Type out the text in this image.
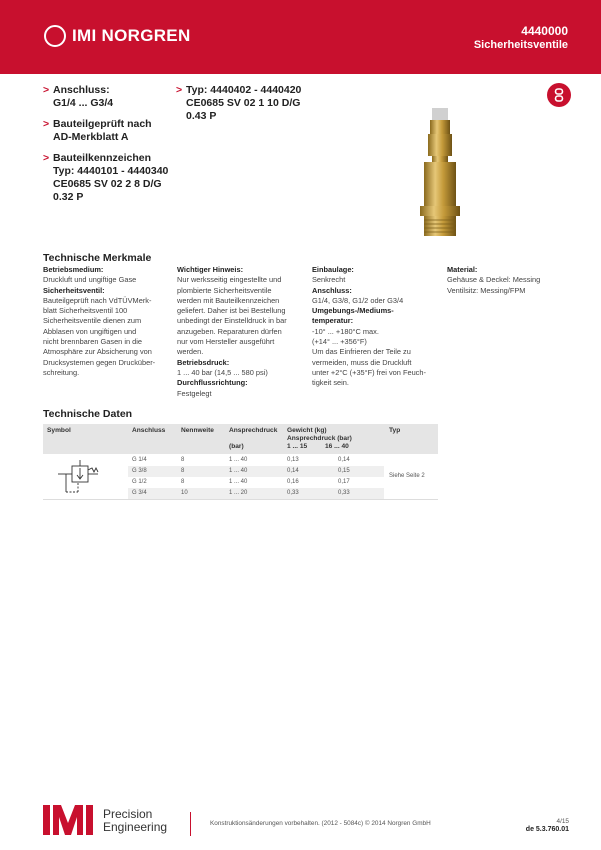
IMI NORGREN	4440000
Sicherheitsventile
> Anschluss:
G1/4 ... G3/4
> Bauteilgeprüft nach
AD-Merkblatt A
> Bauteilkennzeichen
Typ: 4440101 - 4440340
CE0685 SV 02 2 8 D/G
0.32 P
> Typ: 4440402 - 4440420
CE0685 SV 02 1 10 D/G
0.43 P
Technische Merkmale
Betriebsmedium:
Druckluft und ungiftige Gase
Sicherheitsventil:
Bauteilgeprüft nach VdTÜVMerk-
blatt Sicherheitsventil 100
Sicherheitsventile dienen zum
Abblasen von ungiftigen und
nicht brennbaren Gasen in die
Atmosphäre zur Absicherung von
Drucksystemen gegen Drucküber-
schreitung.
Wichtiger Hinweis:
Nur werksseitig eingestellte und
plombierte Sicherheitsventile
werden mit Bauteilkennzeichen
geliefert. Daher ist bei Bestellung
unbedingt der Einstelldruck in bar
anzugeben. Reparaturen dürfen
nur vom Hersteller ausgeführt
werden.
Betriebsdruck:
1 ... 40 bar (14,5 ... 580 psi)
Durchflussrichtung:
Festgelegt
Einbaulage:
Senkrecht
Anschluss:
G1/4, G3/8, G1/2 oder G3/4
Umgebungs-/Mediums-
temperatur:
-10° ... +180°C max.
(+14° ... +356°F)
Um das Einfrieren der Teile zu
vermeiden, muss die Druckluft
unter +2°C (+35°F) frei von Feuch-
tigkeit sein.
Material:
Gehäuse & Deckel: Messing
Ventilsitz: Messing/FPM
Technische Daten
Symbol	Anschluss Nennweite Ansprechdruck
(bar)
Gewicht (kg)
Ansprechdruck (bar)
1 ... 15	16 ... 40
Typ
G 1/4	8	1 ... 40	0,13	0,14
G 3/8	8	1 ... 40	0,14	0,15
G 1/2	8	1 ... 40	0,16	0,17
G 3/4	10	1 ... 20	0,33	0,33
Siehe Seite 2
Precision
Engineering	Konstruktionsänderungen vorbehalten. (2012 - 5084c) © 2014 Norgren GmbH	4/15
de 5.3.760.01
